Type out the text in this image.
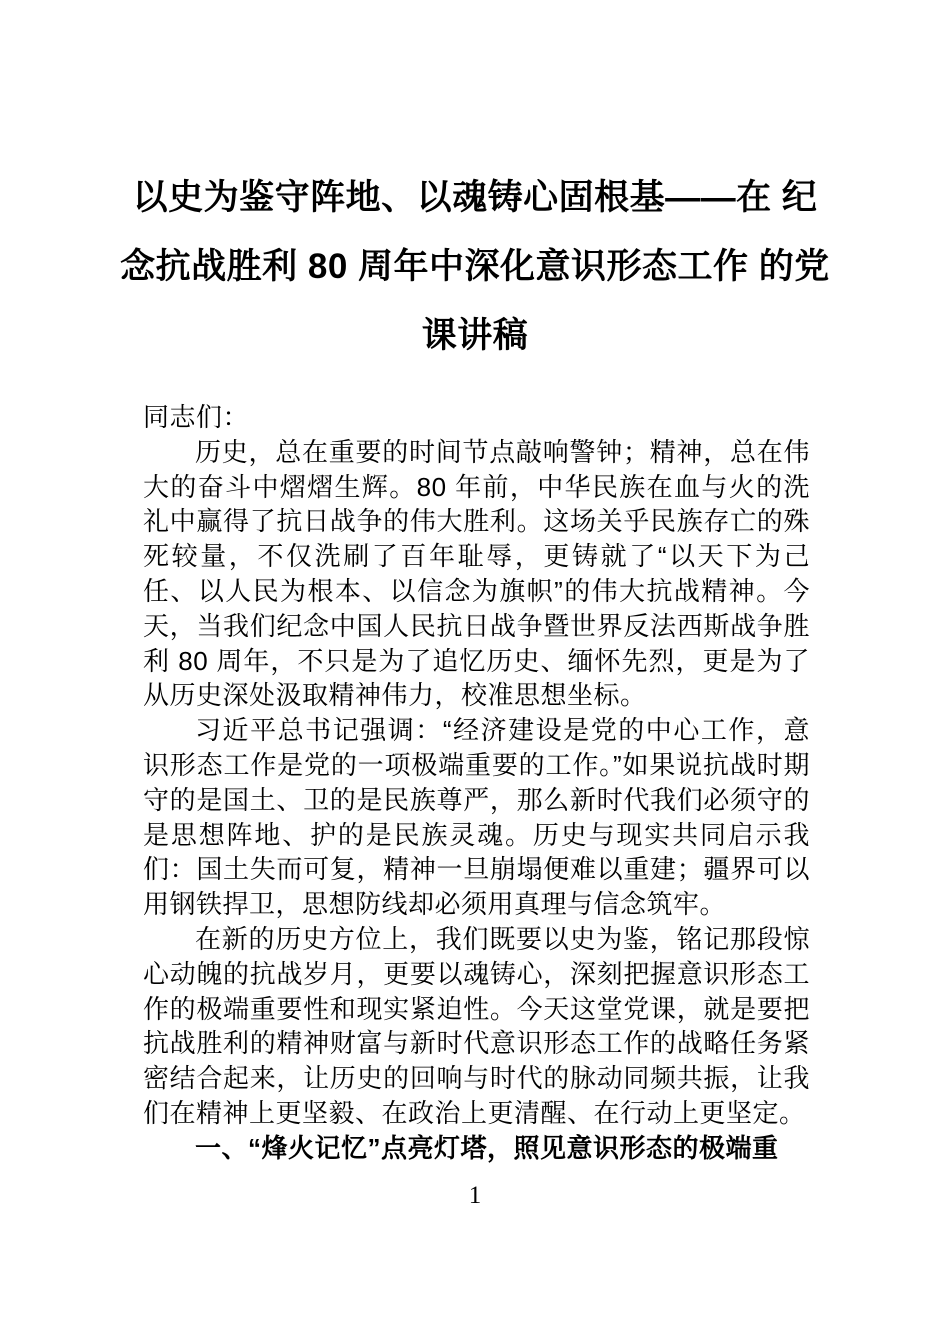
以史为鉴守阵地、以魂铸心固根基——在 纪念抗战胜利 80 周年中深化意识形态工作 的党课讲稿

同志们：

历史，总在重要的时间节点敲响警钟；精神，总在伟大的奋斗中熠熠生辉。80 年前，中华民族在血与火的洗礼中赢得了抗日战争的伟大胜利。这场关乎民族存亡的殊死较量，不仅洗刷了百年耻辱，更铸就了“以天下为己任、以人民为根本、以信念为旗帜”的伟大抗战精神。今天，当我们纪念中国人民抗日战争暨世界反法西斯战争胜利 80 周年，不只是为了追忆历史、缅怀先烈，更是为了从历史深处汲取精神伟力，校准思想坐标。

习近平总书记强调：“经济建设是党的中心工作，意识形态工作是党的一项极端重要的工作。”如果说抗战时期守的是国土、卫的是民族尊严，那么新时代我们必须守的是思想阵地、护的是民族灵魂。历史与现实共同启示我们：国土失而可复，精神一旦崩塌便难以重建；疆界可以用钢铁捍卫，思想防线却必须用真理与信念筑牢。

在新的历史方位上，我们既要以史为鉴，铭记那段惊心动魄的抗战岁月，更要以魂铸心，深刻把握意识形态工作的极端重要性和现实紧迫性。今天这堂党课，就是要把抗战胜利的精神财富与新时代意识形态工作的战略任务紧密结合起来，让历史的回响与时代的脉动同频共振，让我们在精神上更坚毅、在政治上更清醒、在行动上更坚定。

一、“烽火记忆”点亮灯塔，照见意识形态的极端重

1
